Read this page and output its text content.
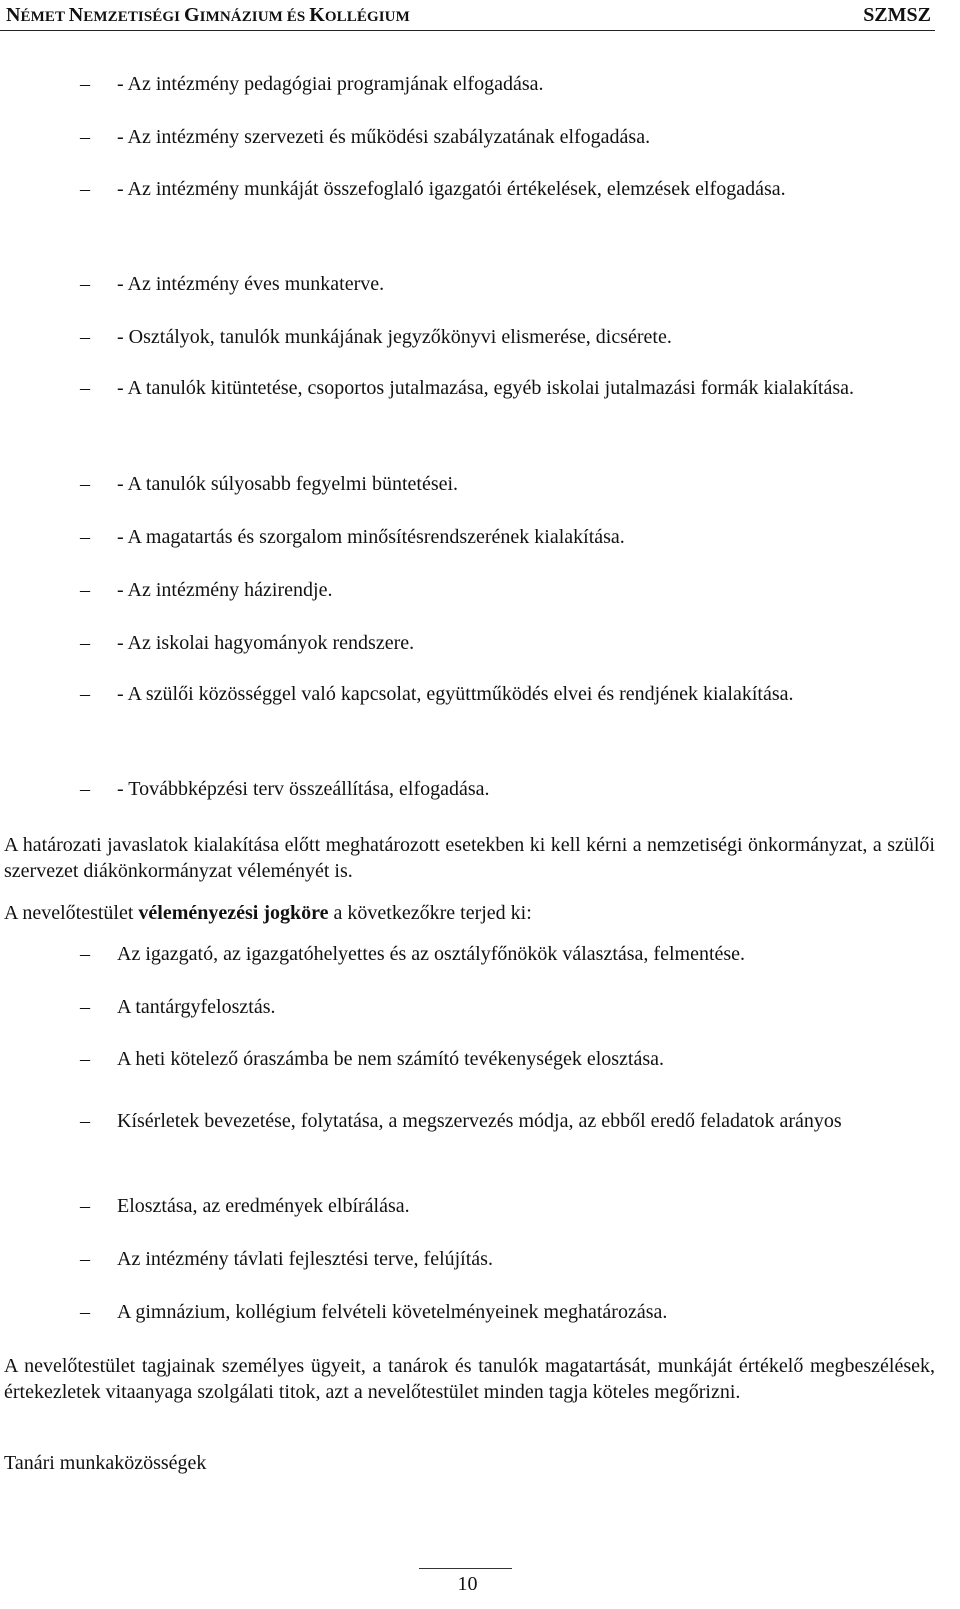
NÉMET NEMZETISÉGI GIMNÁZIUM ÉS KOLLÉGIUM	SZMSZ
–
- Az intézmény pedagógiai programjának elfogadása.
–
- Az intézmény szervezeti és működési szabályzatának elfogadása.
–
- Az intézmény munkáját összefoglaló igazgatói értékelések, elemzések elfogadása.
–
- Az intézmény éves munkaterve.
–
- Osztályok, tanulók munkájának jegyzőkönyvi elismerése, dicsérete.
–
- A tanulók kitüntetése, csoportos jutalmazása, egyéb iskolai jutalmazási formák kialakítása.
–
- A tanulók súlyosabb fegyelmi büntetései.
–
- A magatartás és szorgalom minősítésrendszerének kialakítása.
–
- Az intézmény házirendje.
–
- Az iskolai hagyományok rendszere.
–
- A szülői közösséggel való kapcsolat, együttműködés elvei és rendjének kialakítása.
–
- Továbbképzési terv összeállítása, elfogadása.
A határozati javaslatok kialakítása előtt meghatározott esetekben ki kell kérni a nemzetiségi önkormányzat, a szülői szervezet diákönkormányzat véleményét is.
A nevelőtestület véleményezési jogköre a következőkre terjed ki:
–
Az igazgató, az igazgatóhelyettes és az osztályfőnökök választása, felmentése.
–
A tantárgyfelosztás.
–
A heti kötelező óraszámba be nem számító tevékenységek elosztása.
–
Kísérletek bevezetése, folytatása, a megszervezés módja, az ebből eredő feladatok arányos
–
Elosztása, az eredmények elbírálása.
–
Az intézmény távlati fejlesztési terve, felújítás.
–
A gimnázium, kollégium felvételi követelményeinek meghatározása.
A nevelőtestület tagjainak személyes ügyeit, a tanárok és tanulók magatartását, munkáját értékelő megbeszélések, értekezletek vitaanyaga szolgálati titok, azt a nevelőtestület minden tagja köteles megőrizni.
Tanári munkaközösségek
10
